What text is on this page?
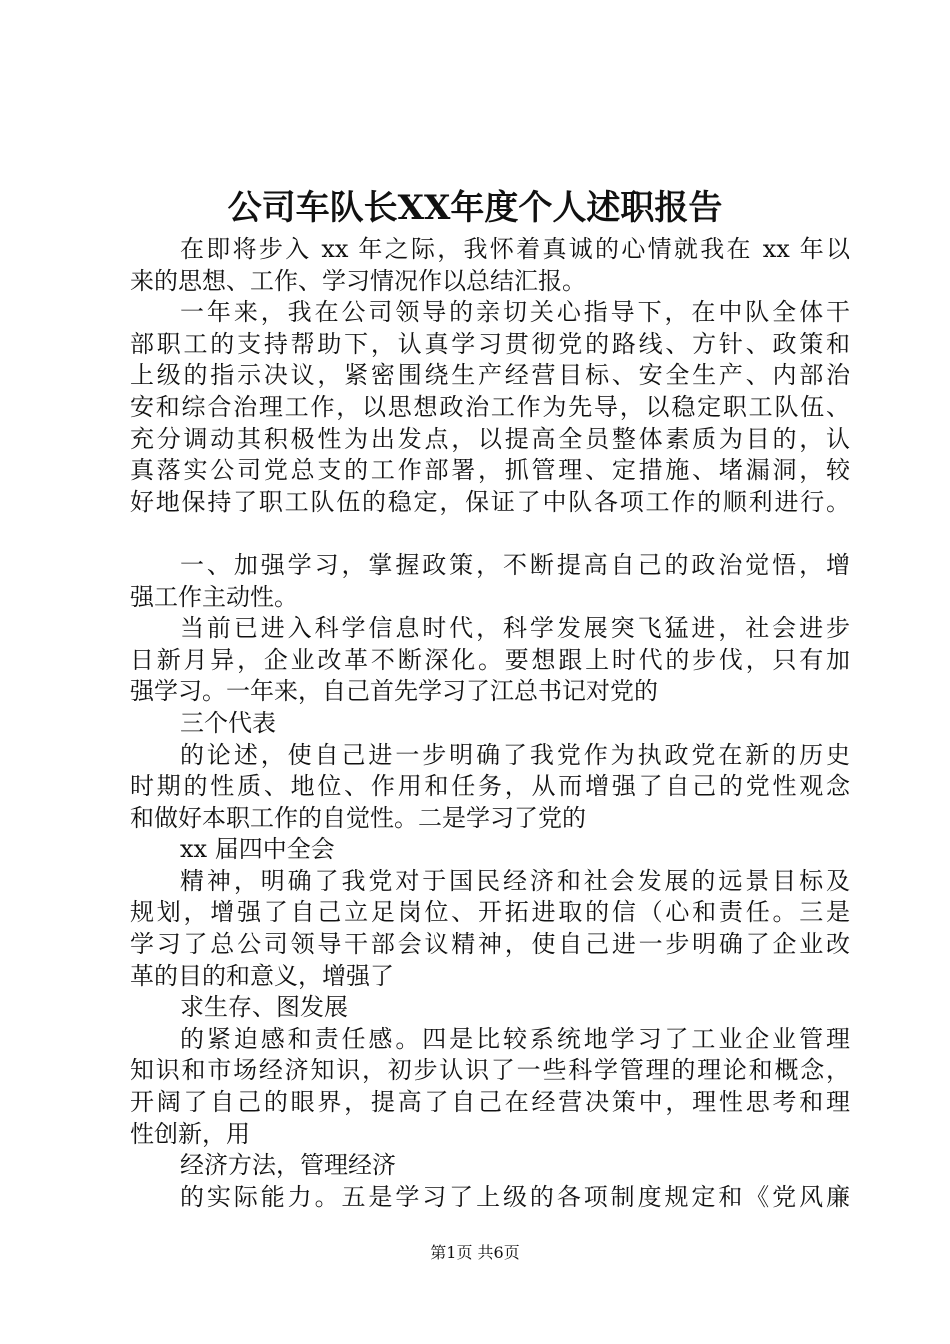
公司车队长XX年度个人述职报告
在即将步入 xx 年之际，我怀着真诚的心情就我在 xx 年以
来的思想、工作、学习情况作以总结汇报。
一年来，我在公司领导的亲切关心指导下，在中队全体干
部职工的支持帮助下，认真学习贯彻党的路线、方针、政策和
上级的指示决议，紧密围绕生产经营目标、安全生产、内部治
安和综合治理工作，以思想政治工作为先导，以稳定职工队伍、
充分调动其积极性为出发点，以提高全员整体素质为目的，认
真落实公司党总支的工作部署，抓管理、定措施、堵漏洞，较
好地保持了职工队伍的稳定，保证了中队各项工作的顺利进行。
一、加强学习，掌握政策，不断提高自己的政治觉悟，增
强工作主动性。
当前已进入科学信息时代，科学发展突飞猛进，社会进步
日新月异，企业改革不断深化。要想跟上时代的步伐，只有加
强学习。一年来，自己首先学习了江总书记对党的
三个代表
的论述，使自己进一步明确了我党作为执政党在新的历史
时期的性质、地位、作用和任务，从而增强了自己的党性观念
和做好本职工作的自觉性。二是学习了党的
xx 届四中全会
精神，明确了我党对于国民经济和社会发展的远景目标及
规划，增强了自己立足岗位、开拓进取的信（心和责任。三是
学习了总公司领导干部会议精神，使自己进一步明确了企业改
革的目的和意义，增强了
求生存、图发展
的紧迫感和责任感。四是比较系统地学习了工业企业管理
知识和市场经济知识，初步认识了一些科学管理的理论和概念，
开阔了自己的眼界，提高了自己在经营决策中，理性思考和理
性创新，用
经济方法，管理经济
的实际能力。五是学习了上级的各项制度规定和《党风廉
第1页 共6页
